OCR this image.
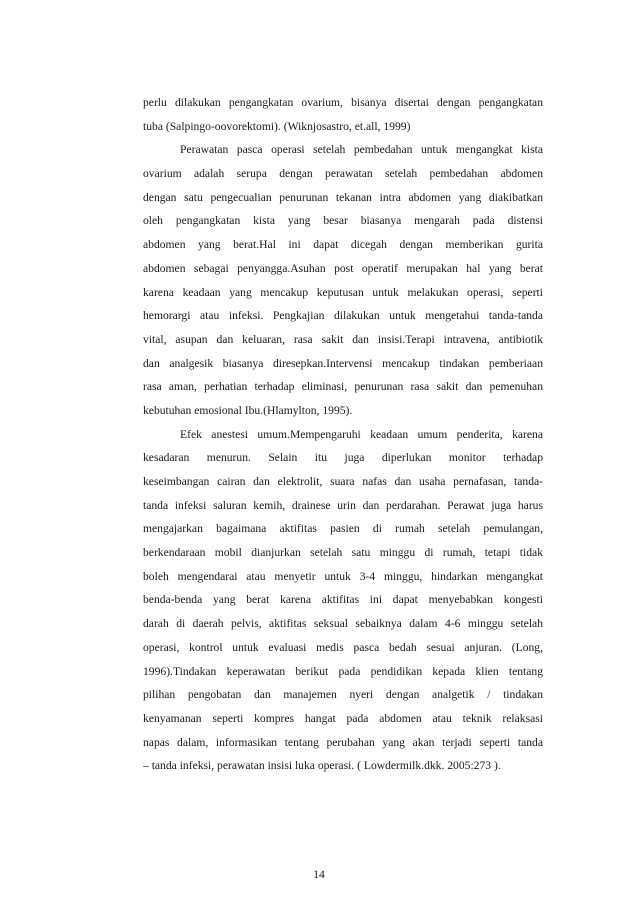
perlu dilakukan pengangkatan ovarium, bisanya disertai dengan pengangkatan
tuba (Salpingo-oovorektomi). (Wiknjosastro, et.all, 1999)
Perawatan pasca operasi setelah pembedahan untuk mengangkat kista
ovarium adalah serupa dengan perawatan setelah pembedahan abdomen
dengan satu pengecualian penurunan tekanan intra abdomen yang diakibatkan
oleh pengangkatan kista yang besar biasanya mengarah pada distensi
abdomen yang berat.Hal ini dapat dicegah dengan memberikan gurita
abdomen sebagai penyangga.Asuhan post operatif merupakan hal yang berat
karena keadaan yang mencakup keputusan untuk melakukan operasi, seperti
hemorargi atau infeksi. Pengkajian dilakukan untuk mengetahui tanda-tanda
vital, asupan dan keluaran, rasa sakit dan insisi.Terapi intravena, antibiotik
dan analgesik biasanya diresepkan.Intervensi mencakup tindakan pemberiaan
rasa aman, perhatian terhadap eliminasi, penurunan rasa sakit dan pemenuhan
kebutuhan emosional Ibu.(Hlamylton, 1995).
Efek anestesi umum.Mempengaruhi keadaan umum penderita, karena
kesadaran menurun. Selain itu juga diperlukan monitor terhadap
keseimbangan cairan dan elektrolit, suara nafas dan usaha pernafasan, tanda-
tanda infeksi saluran kemih, drainese urin dan perdarahan. Perawat juga harus
mengajarkan bagaimana aktifitas pasien di rumah setelah pemulangan,
berkendaraan mobil dianjurkan setelah satu minggu di rumah, tetapi tidak
boleh mengendarai atau menyetir untuk 3-4 minggu, hindarkan mengangkat
benda-benda yang berat karena aktifitas ini dapat menyebabkan kongesti
darah di daerah pelvis, aktifitas seksual sebaiknya dalam 4-6 minggu setelah
operasi, kontrol untuk evaluasi medis pasca bedah sesuai anjuran. (Long,
1996).Tindakan keperawatan berikut pada pendidikan kepada klien tentang
pilihan pengobatan dan manajemen nyeri dengan analgetik / tindakan
kenyamanan seperti kompres hangat pada abdomen atau teknik relaksasi
napas dalam, informasikan tentang perubahan yang akan terjadi seperti tanda
– tanda infeksi, perawatan insisi luka operasi. ( Lowdermilk.dkk. 2005:273 ).
14
